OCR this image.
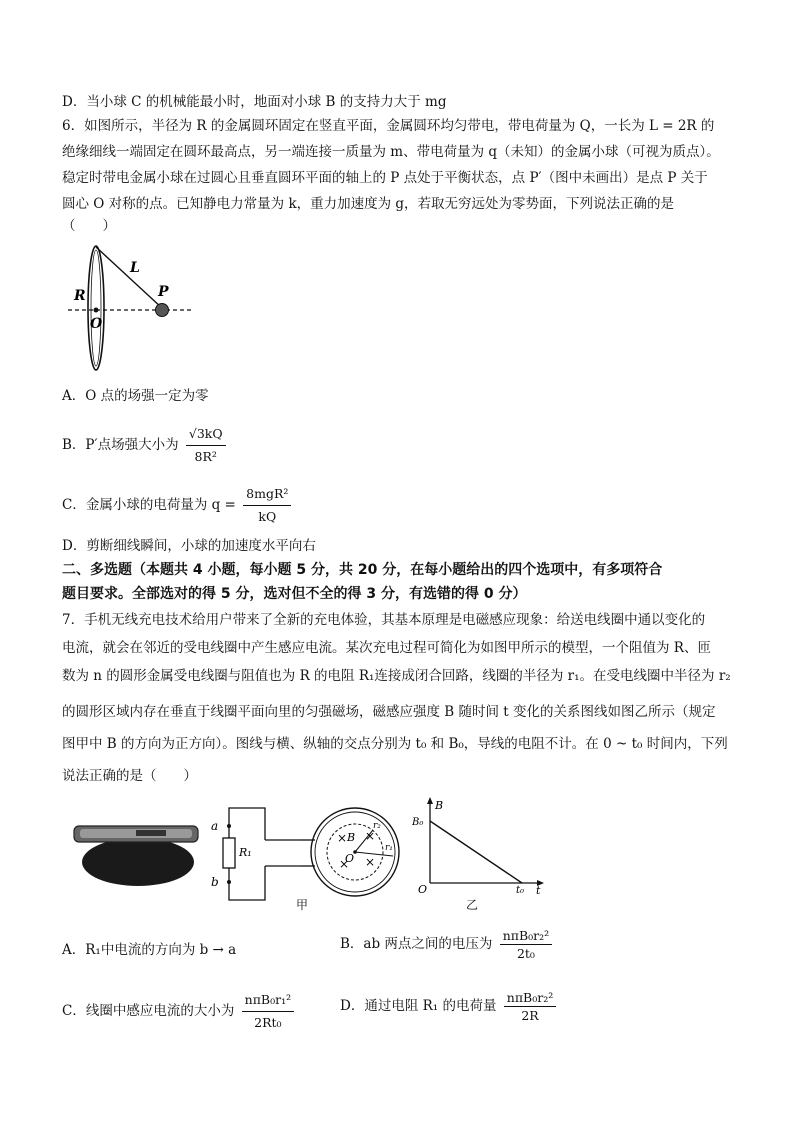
D．当小球 C 的机械能最小时，地面对小球 B 的支持力大于 mg
6．如图所示，半径为 R 的金属圆环固定在竖直平面，金属圆环均匀带电，带电荷量为 Q，一长为 L = 2R 的
绝缘细线一端固定在圆环最高点，另一端连接一质量为 m、带电荷量为 q（未知）的金属小球（可视为质点）。
稳定时带电金属小球在过圆心且垂直圆环平面的轴上的 P 点处于平衡状态，点 P′（图中未画出）是点 P 关于
圆心 O 对称的点。已知静电力常量为 k，重力加速度为 g，若取无穷远处为零势面，下列说法正确的是
（　　）
R
O
L
P
A．O 点的场强一定为零
B．P′点场强大小为 $\frac{√3kQ}{\text{8R²}}$
C．金属小球的电荷量为 $q = \frac{\text{8mgR²}}{kQ}$
D．剪断细线瞬间，小球的加速度水平向右
二、多选题（本题共 4 小题，每小题 5 分，共 20 分，在每小题给出的四个选项中，有多项符合
题目要求。全部选对的得 5 分，选对但不全的得 3 分，有选错的得 0 分）
7．手机无线充电技术给用户带来了全新的充电体验，其基本原理是电磁感应现象：给送电线圈中通以变化的
电流，就会在邻近的受电线圈中产生感应电流。某次充电过程可简化为如图甲所示的模型，一个阻值为 R、匝
数为 n 的圆形金属受电线圈与阻值也为 R 的电阻 R₁连接成闭合回路，线圈的半径为 r₁。在受电线圈中半径为 r₂
的圆形区域内存在垂直于线圈平面向里的匀强磁场，磁感应强度 B 随时间 t 变化的关系图线如图乙所示（规定
图甲中 B 的方向为正方向）。图线与横、纵轴的交点分别为 t₀ 和 B₀，导线的电阻不计。在 0 ~ t₀ 时间内，下列
说法正确的是（　　）
a
b
R₁
× ×
× ×
B
O
r₂
r₁
甲
B
t
B₀
t₀
O
乙
A．R₁中电流的方向为 b → a	B．ab 两点之间的电压为 $\frac{\text{nπB₀r₂²}}{\text{2t₀}}$
C．线圈中感应电流的大小为 $\frac{\text{nπB₀r₁²}}{\text{2Rt₀}}$	D．通过电阻 R₁ 的电荷量 $\frac{\text{nπB₀r₂²}}{2R}$
